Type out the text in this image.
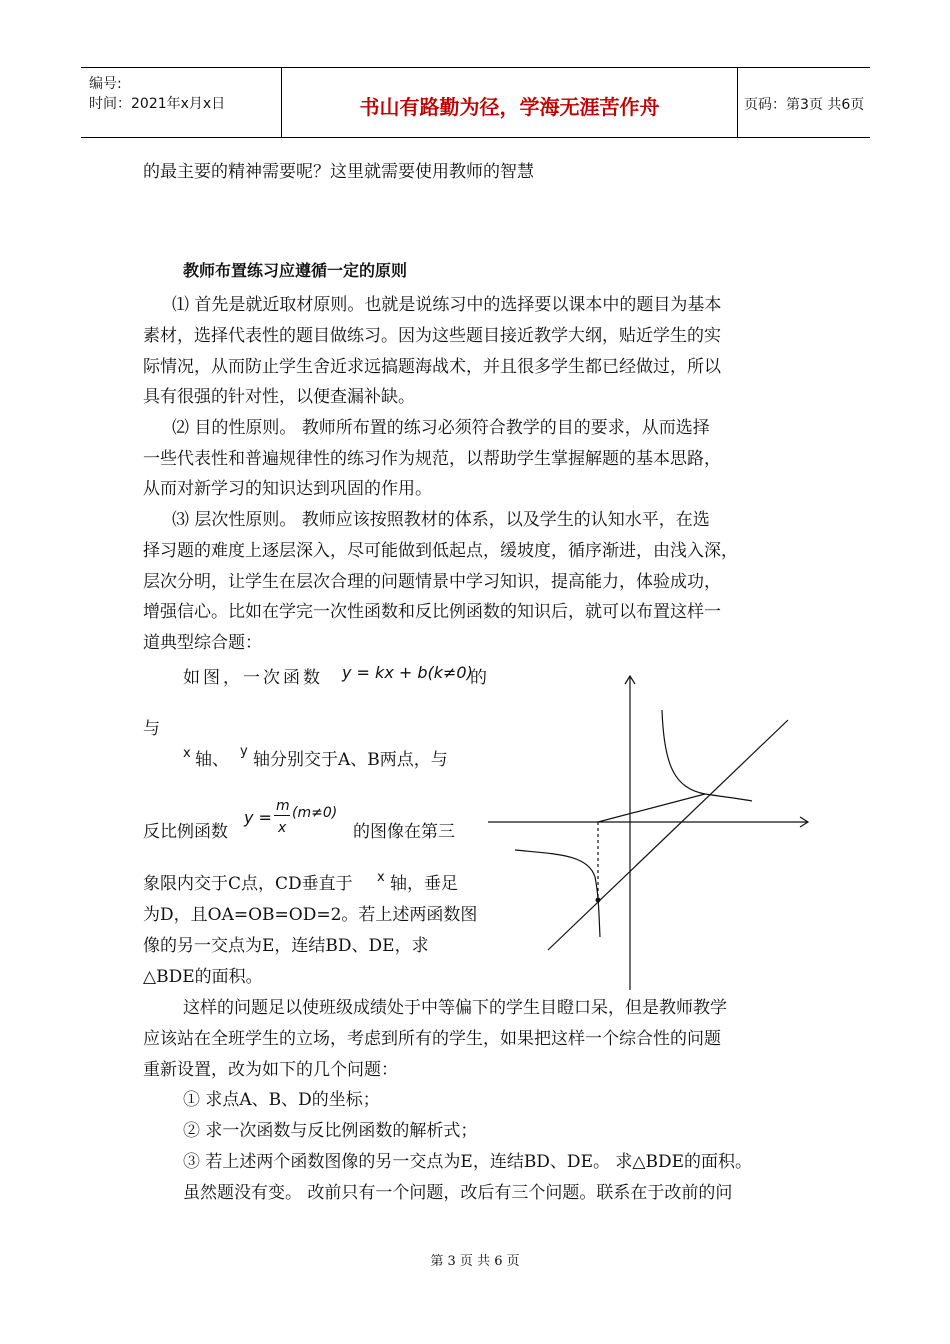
编号:
时间：2021年x月x日	书山有路勤为径，学海无涯苦作舟	页码：第3页 共6页
的最主要的精神需要呢？这里就需要使用教师的智慧
教师布置练习应遵循一定的原则
⑴ 首先是就近取材原则。也就是说练习中的选择要以课本中的题目为基本
素材，选择代表性的题目做练习。因为这些题目接近教学大纲，贴近学生的实
际情况，从而防止学生舍近求远搞题海战术，并且很多学生都已经做过，所以
具有很强的针对性，以便查漏补缺。
⑵ 目的性原则。 教师所布置的练习必须符合教学的目的要求，从而选择
一些代表性和普遍规律性的练习作为规范，以帮助学生掌握解题的基本思路，
从而对新学习的知识达到巩固的作用。
⑶ 层次性原则。 教师应该按照教材的体系，以及学生的认知水平，在选
择习题的难度上逐层深入，尽可能做到低起点，缓坡度，循序渐进，由浅入深，
层次分明，让学生在层次合理的问题情景中学习知识，提高能力，体验成功，
增强信心。比如在学完一次性函数和反比例函数的知识后，就可以布置这样一
道典型综合题：
如图，一次函数 y = kx + b(k≠0)
的
与
x 轴、 y 轴分别交于A、B两点，与
反比例函数
y =
m
x
(m≠0)
的图像在第三
象限内交于C点，CD垂直于 x 轴，垂足
为D，且OA=OB=OD=2。若上述两函数图
像的另一交点为E，连结BD、DE，求
△BDE的面积。
这样的问题足以使班级成绩处于中等偏下的学生目瞪口呆，但是教师教学
应该站在全班学生的立场，考虑到所有的学生，如果把这样一个综合性的问题
重新设置，改为如下的几个问题：
① 求点A、B、D的坐标；
② 求一次函数与反比例函数的解析式；
③ 若上述两个函数图像的另一交点为E，连结BD、DE。 求△BDE的面积。
虽然题没有变。 改前只有一个问题，改后有三个问题。联系在于改前的问
第 3 页 共 6 页
